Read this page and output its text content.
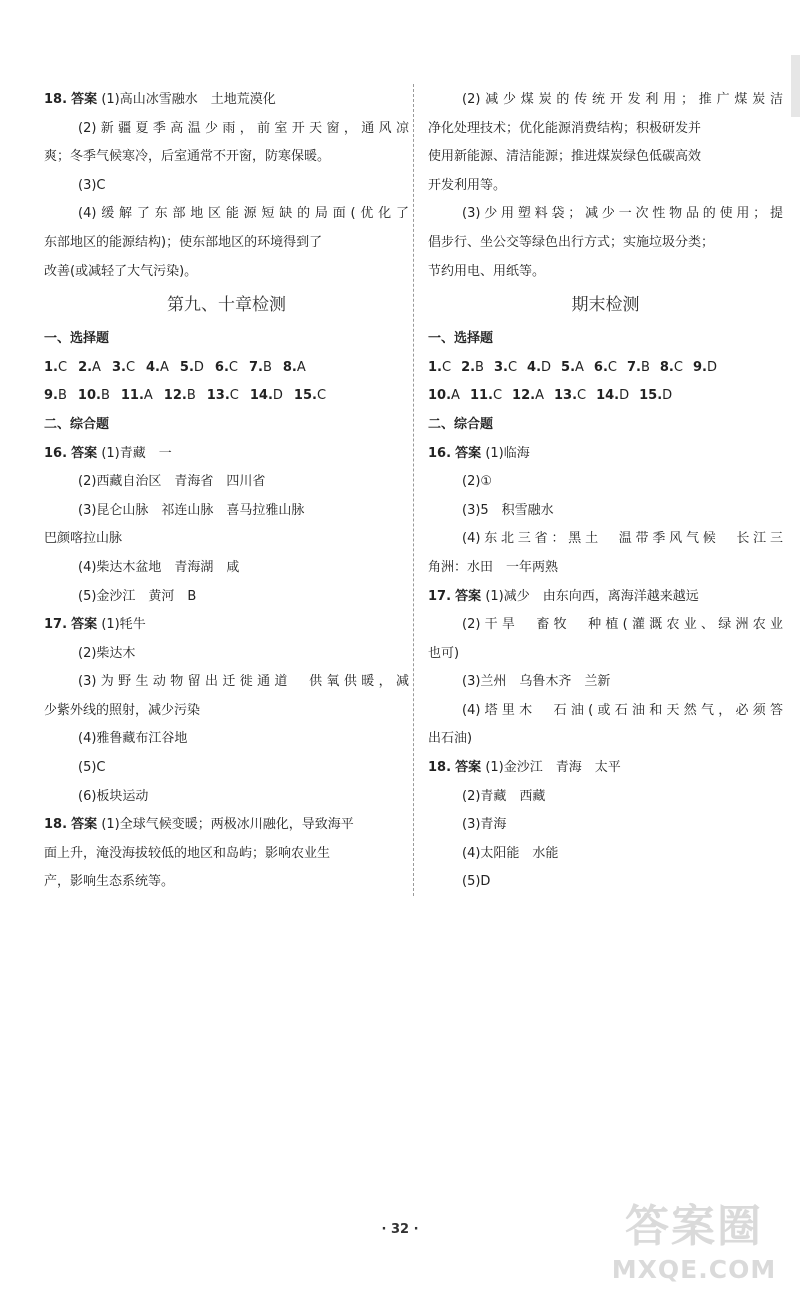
18. 答案 (1)高山冰雪融水　土地荒漠化
(2)新疆夏季高温少雨，前室开天窗，通风凉
爽；冬季气候寒冷，后室通常不开窗，防寒保暖。
(3)C
(4)缓解了东部地区能源短缺的局面(优化了
东部地区的能源结构)；使东部地区的环境得到了
改善(或减轻了大气污染)。
第九、十章检测
一、选择题
1.C 2.A 3.C 4.A 5.D 6.C 7.B 8.A
9.B 10.B 11.A 12.B 13.C 14.D 15.C
二、综合题
16. 答案 (1)青藏　一
(2)西藏自治区　青海省　四川省
(3)昆仑山脉　祁连山脉　喜马拉雅山脉
巴颜喀拉山脉
(4)柴达木盆地　青海湖　咸
(5)金沙江　黄河　B
17. 答案 (1)牦牛
(2)柴达木
(3)为野生动物留出迁徙通道　供氧供暖，减
少紫外线的照射，减少污染
(4)雅鲁藏布江谷地
(5)C
(6)板块运动
18. 答案 (1)全球气候变暖；两极冰川融化，导致海平
面上升，淹没海拔较低的地区和岛屿；影响农业生
产，影响生态系统等。
(2)减少煤炭的传统开发利用；推广煤炭洁
净化处理技术；优化能源消费结构；积极研发并
使用新能源、清洁能源；推进煤炭绿色低碳高效
开发利用等。
(3)少用塑料袋；减少一次性物品的使用；提
倡步行、坐公交等绿色出行方式；实施垃圾分类；
节约用电、用纸等。
期末检测
一、选择题
1.C 2.B 3.C 4.D 5.A 6.C 7.B 8.C 9.D
10.A 11.C 12.A 13.C 14.D 15.D
二、综合题
16. 答案 (1)临海
(2)①
(3)5　积雪融水
(4)东北三省：黑土　温带季风气候　长江三
角洲：水田　一年两熟
17. 答案 (1)减少　由东向西，离海洋越来越远
(2)干旱　畜牧　种植(灌溉农业、绿洲农业
也可)
(3)兰州　乌鲁木齐　兰新
(4)塔里木　石油(或石油和天然气，必须答
出石油)
18. 答案 (1)金沙江　青海　太平
(2)青藏　西藏
(3)青海
(4)太阳能　水能
(5)D
· 32 ·	答案圈
MXQE.COM
